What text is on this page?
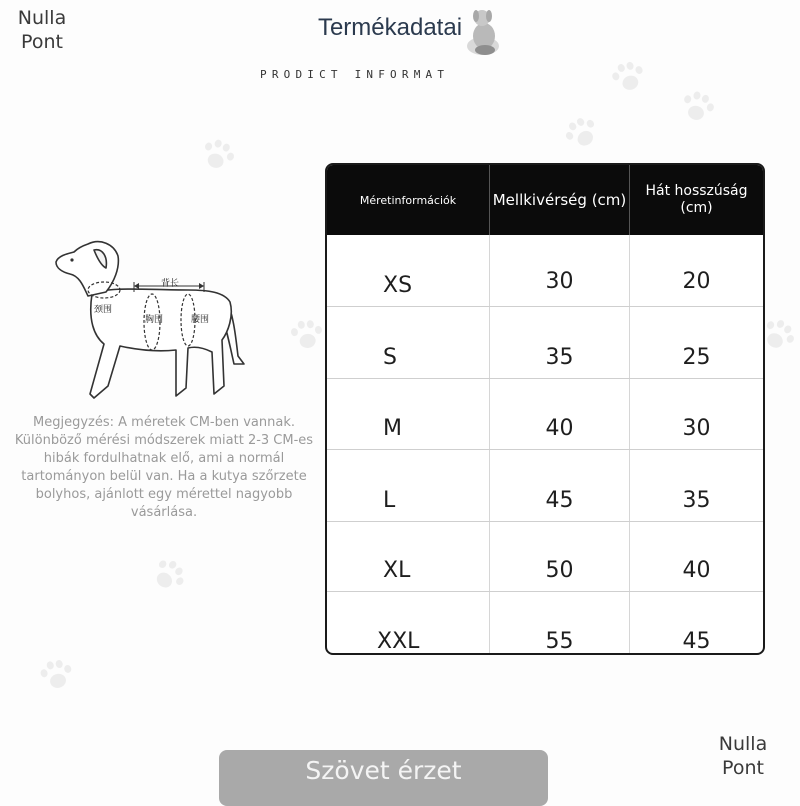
Nulla
Pont
Nulla
Pont
Termékadatai
PRODICT INFORMAT
背长
颈围
胸围	腰围
Megjegyzés: A méretek CM-ben vannak. Különböző mérési módszerek miatt 2-3 CM-es hibák fordulhatnak elő, ami a normál tartományon belül van. Ha a kutya szőrzete bolyhos, ajánlott egy mérettel nagyobb vásárlása.
Méretinformációk	Mellkivérség (cm)	Hát hosszúság (cm)
XS	30	20
S	35	25
M	40	30
L	45	35
XL	50	40
XXL	55	45
Szövet érzet
